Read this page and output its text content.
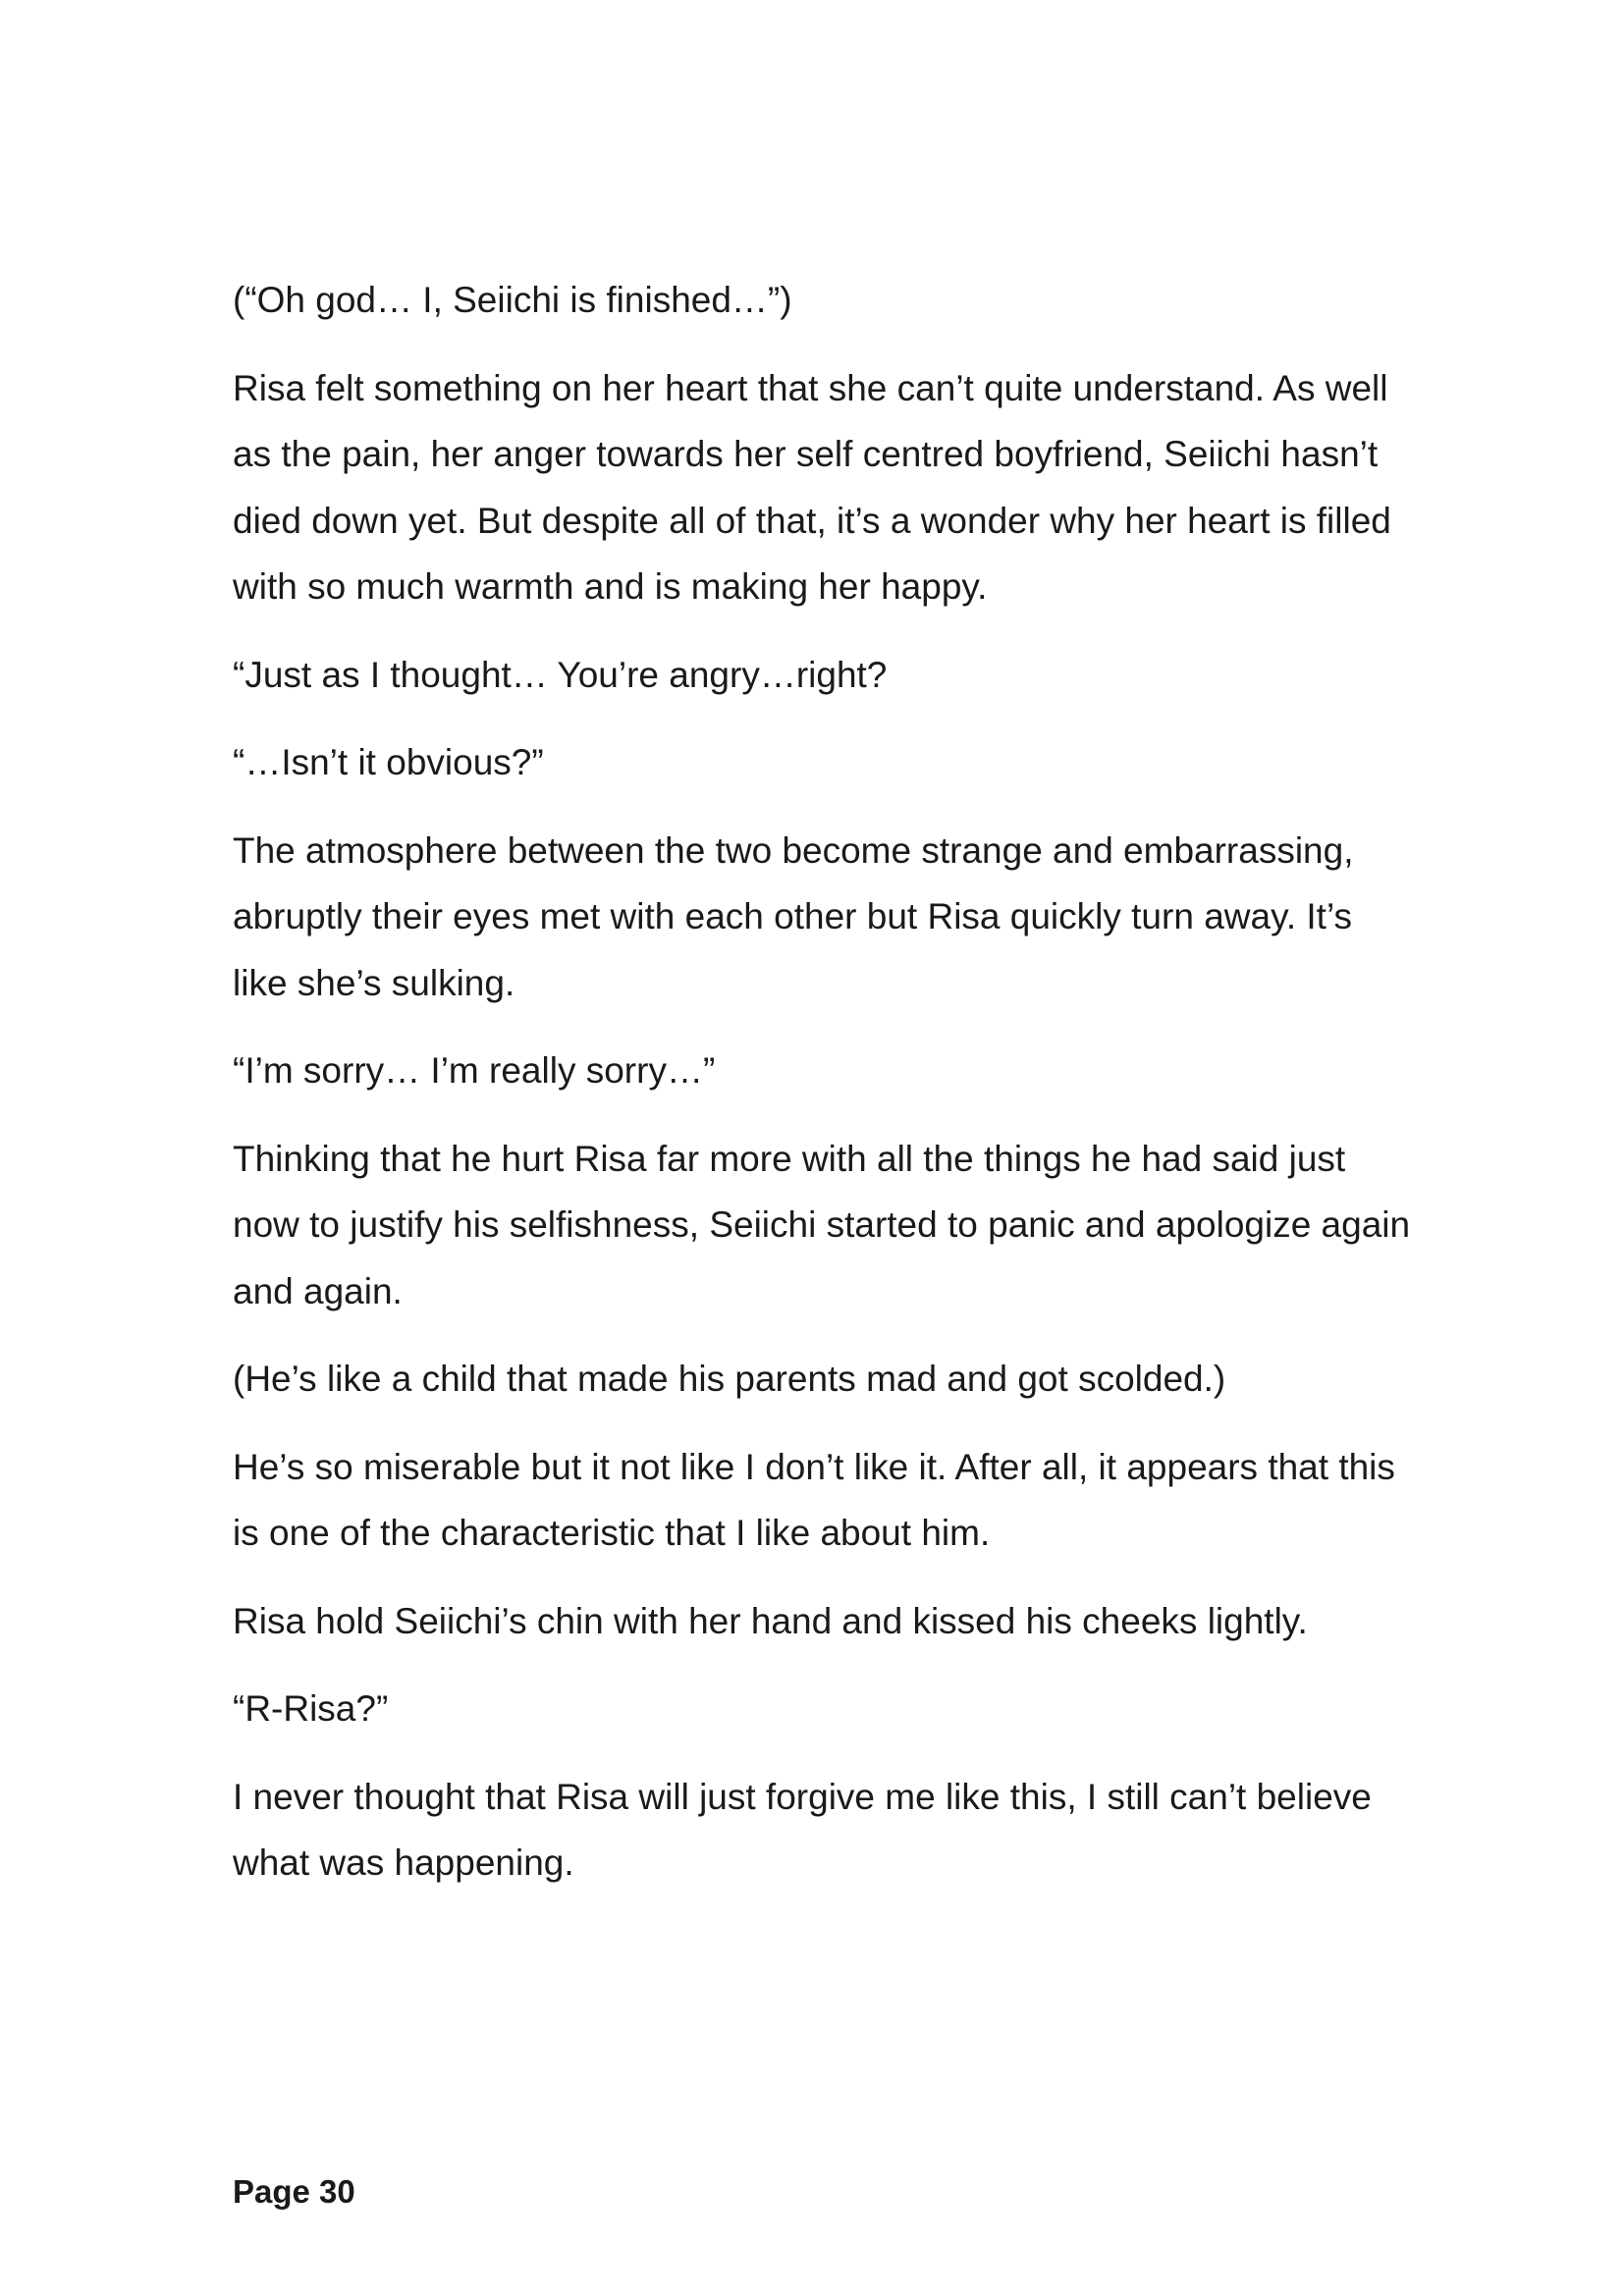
(“Oh god… I, Seiichi is finished…”)

Risa felt something on her heart that she can’t quite understand. As well as the pain, her anger towards her self centred boyfriend, Seiichi hasn’t died down yet. But despite all of that, it’s a wonder why her heart is filled with so much warmth and is making her happy.

“Just as I thought… You’re angry…right?

“…Isn’t it obvious?”

The atmosphere between the two become strange and embarrassing, abruptly their eyes met with each other but Risa quickly turn away. It’s like she’s sulking.

“I’m sorry… I’m really sorry…”

Thinking that he hurt Risa far more with all the things he had said just now to justify his selfishness, Seiichi started to panic and apologize again and again.

(He’s like a child that made his parents mad and got scolded.)

He’s so miserable but it not like I don’t like it. After all, it appears that this is one of the characteristic that I like about him.

Risa hold Seiichi’s chin with her hand and kissed his cheeks lightly.

“R-Risa?”

I never thought that Risa will just forgive me like this, I still can’t believe what was happening.

Page 30
